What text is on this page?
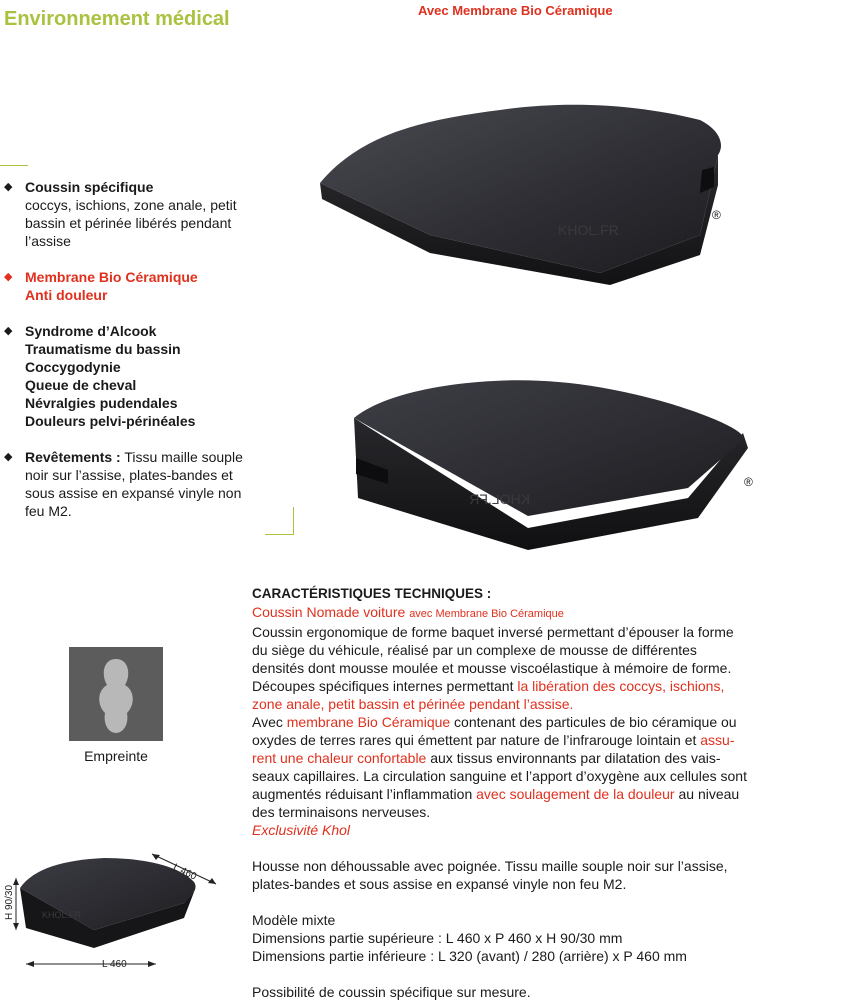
Environnement médical	Avec Membrane Bio Céramique
◆ Coussin spécifique
coccys, ischions, zone anale, petit
bassin et périnée libérés pendant
l’assise
◆ Membrane Bio Céramique
Anti douleur
◆ Syndrome d’Alcook
Traumatisme du bassin
Coccygodynie
Queue de cheval
Névralgies pudendales
Douleurs pelvi-périnéales
◆ Revêtements : Tissu maille souple
noir sur l’assise, plates-bandes et
sous assise en expansé vinyle non
feu M2.
KHOL.FR
®
KHOL.FR
®

CARACTÉRISTIQUES TECHNIQUES :

Coussin Nomade voiture avec Membrane Bio Céramique

Coussin ergonomique de forme baquet inversé permettant d’épouser la forme

du siège du véhicule, réalisé par un complexe de mousse de différentes

densités dont mousse moulée et mousse viscoélastique à mémoire de forme.

Découpes spécifiques internes permettant la libération des coccys, ischions,

zone anale, petit bassin et périnée pendant l’assise.

Avec membrane Bio Céramique contenant des particules de bio céramique ou

oxydes de terres rares qui émettent par nature de l’infrarouge lointain et assu-

rent une chaleur confortable aux tissus environnants par dilatation des vais-

seaux capillaires. La circulation sanguine et l’apport d’oxygène aux cellules sont

augmentés réduisant l’inflammation avec soulagement de la douleur au niveau

des terminaisons nerveuses.

Exclusivité Khol

Housse non déhoussable avec poignée. Tissu maille souple noir sur l’assise,

plates-bandes et sous assise en expansé vinyle non feu M2.

Modèle mixte

Dimensions partie supérieure : L 460 x P 460 x H 90/30 mm

Dimensions partie inférieure : L 320 (avant) / 280 (arrière) x P 460 mm

Possibilité de coussin spécifique sur mesure.

Empreinte
KHOL.FR
L 460
L 460
H 90/30
